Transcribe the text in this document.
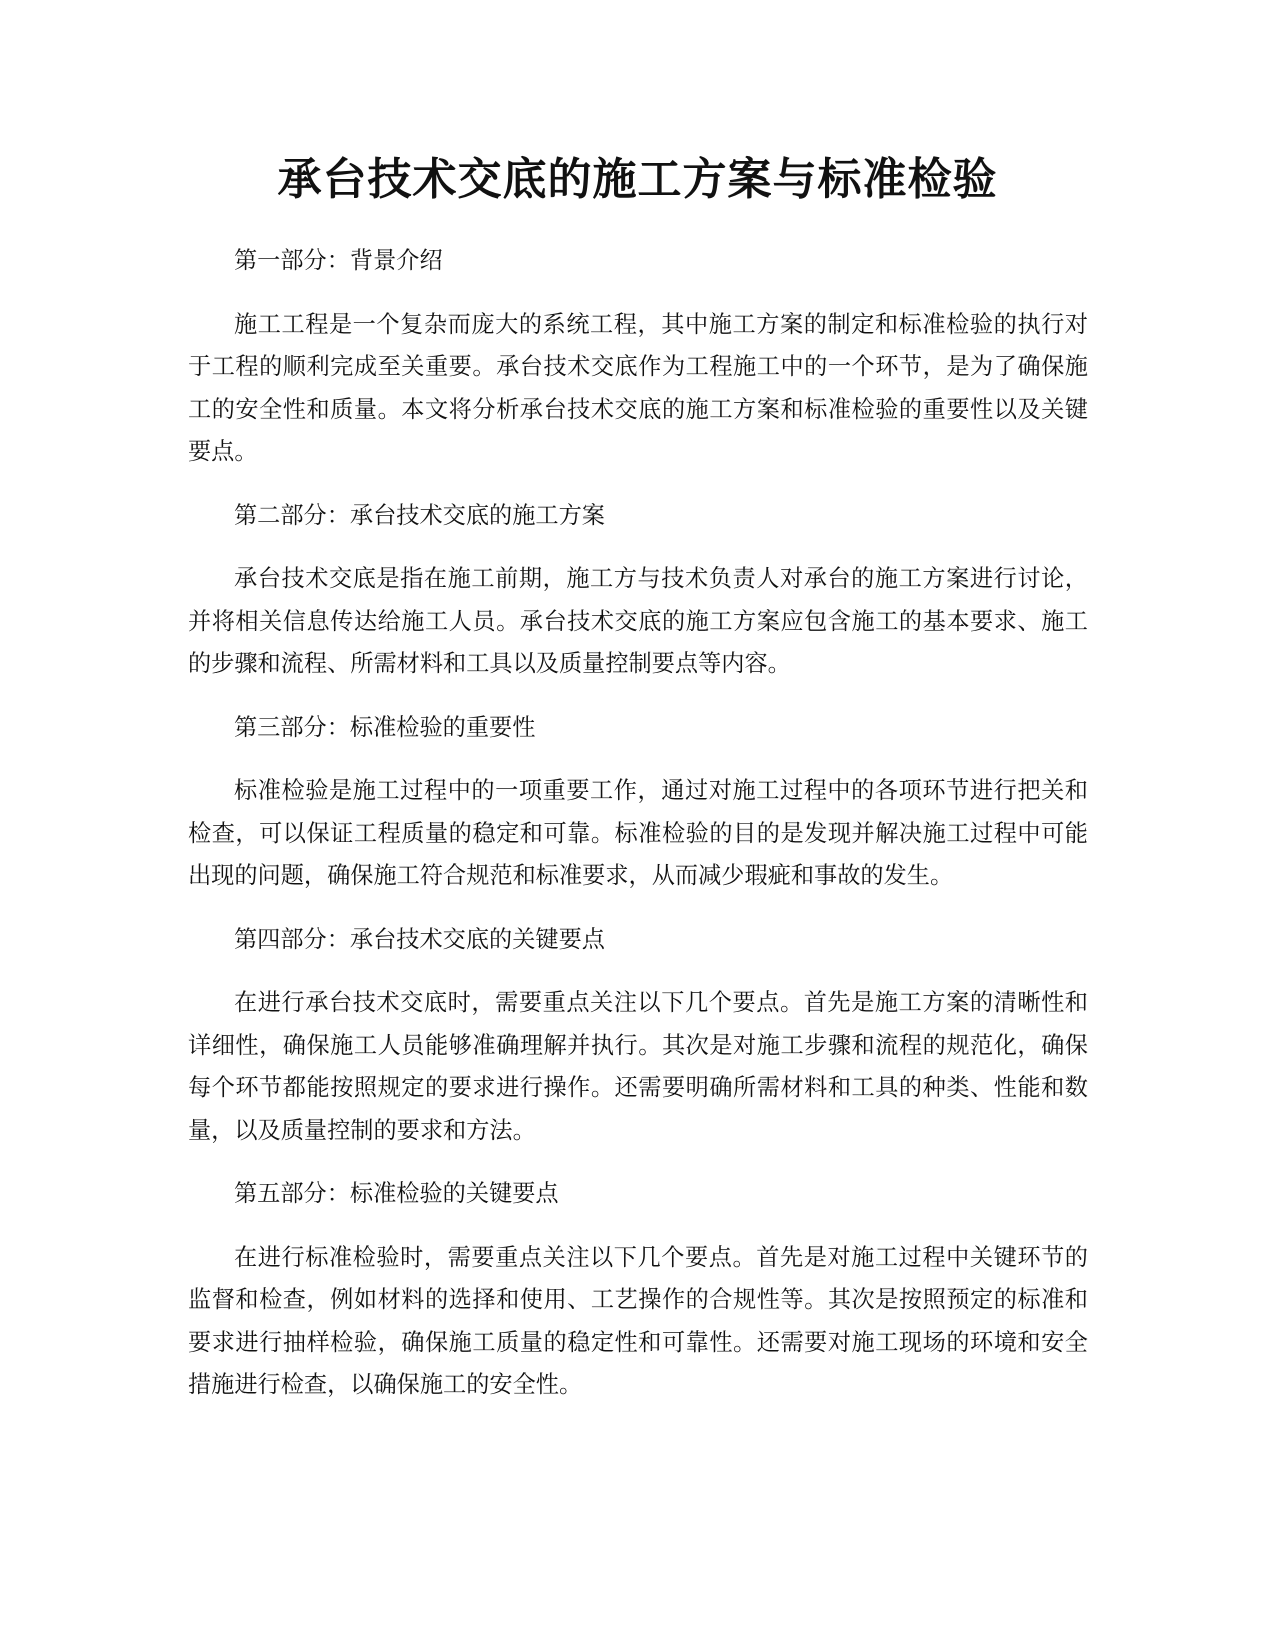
承台技术交底的施工方案与标准检验

第一部分：背景介绍

施工工程是一个复杂而庞大的系统工程，其中施工方案的制定和标准检验的执行对于工程的顺利完成至关重要。承台技术交底作为工程施工中的一个环节，是为了确保施工的安全性和质量。本文将分析承台技术交底的施工方案和标准检验的重要性以及关键要点。

第二部分：承台技术交底的施工方案

承台技术交底是指在施工前期，施工方与技术负责人对承台的施工方案进行讨论，并将相关信息传达给施工人员。承台技术交底的施工方案应包含施工的基本要求、施工的步骤和流程、所需材料和工具以及质量控制要点等内容。

第三部分：标准检验的重要性

标准检验是施工过程中的一项重要工作，通过对施工过程中的各项环节进行把关和检查，可以保证工程质量的稳定和可靠。标准检验的目的是发现并解决施工过程中可能出现的问题，确保施工符合规范和标准要求，从而减少瑕疵和事故的发生。

第四部分：承台技术交底的关键要点

在进行承台技术交底时，需要重点关注以下几个要点。首先是施工方案的清晰性和详细性，确保施工人员能够准确理解并执行。其次是对施工步骤和流程的规范化，确保每个环节都能按照规定的要求进行操作。还需要明确所需材料和工具的种类、性能和数量，以及质量控制的要求和方法。

第五部分：标准检验的关键要点

在进行标准检验时，需要重点关注以下几个要点。首先是对施工过程中关键环节的监督和检查，例如材料的选择和使用、工艺操作的合规性等。其次是按照预定的标准和要求进行抽样检验，确保施工质量的稳定性和可靠性。还需要对施工现场的环境和安全措施进行检查，以确保施工的安全性。
